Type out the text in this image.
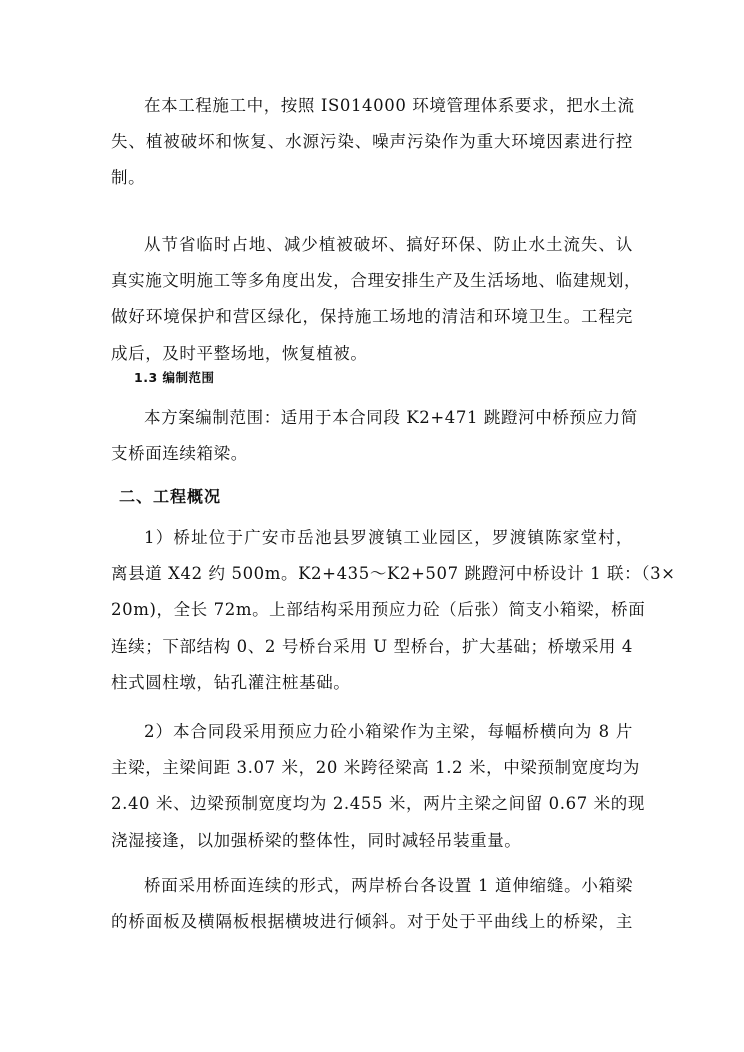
在本工程施工中，按照 IS014000 环境管理体系要求，把水土流
失、植被破坏和恢复、水源污染、噪声污染作为重大环境因素进行控
制。
从节省临时占地、减少植被破坏、搞好环保、防止水土流失、认
真实施文明施工等多角度出发，合理安排生产及生活场地、临建规划，
做好环境保护和营区绿化，保持施工场地的清洁和环境卫生。工程完
成后，及时平整场地，恢复植被。

1.3 编制范围

本方案编制范围：适用于本合同段 K2+471 跳蹬河中桥预应力简
支桥面连续箱梁。

二、工程概况

1）桥址位于广安市岳池县罗渡镇工业园区，罗渡镇陈家堂村，
离县道 X42 约 500m。K2+435～K2+507 跳蹬河中桥设计 1 联：（3×
20m)，全长 72m。上部结构采用预应力砼（后张）简支小箱梁，桥面
连续；下部结构 0、2 号桥台采用 U 型桥台，扩大基础；桥墩采用 4
柱式圆柱墩，钻孔灌注桩基础。
2）本合同段采用预应力砼小箱梁作为主梁，每幅桥横向为 8 片
主梁，主梁间距 3.07 米，20 米跨径梁高 1.2 米，中梁预制宽度均为
2.40 米、边梁预制宽度均为 2.455 米，两片主梁之间留 0.67 米的现
浇湿接逢，以加强桥梁的整体性，同时减轻吊装重量。
桥面采用桥面连续的形式，两岸桥台各设置 1 道伸缩缝。小箱梁
的桥面板及横隔板根据横坡进行倾斜。对于处于平曲线上的桥梁，主
